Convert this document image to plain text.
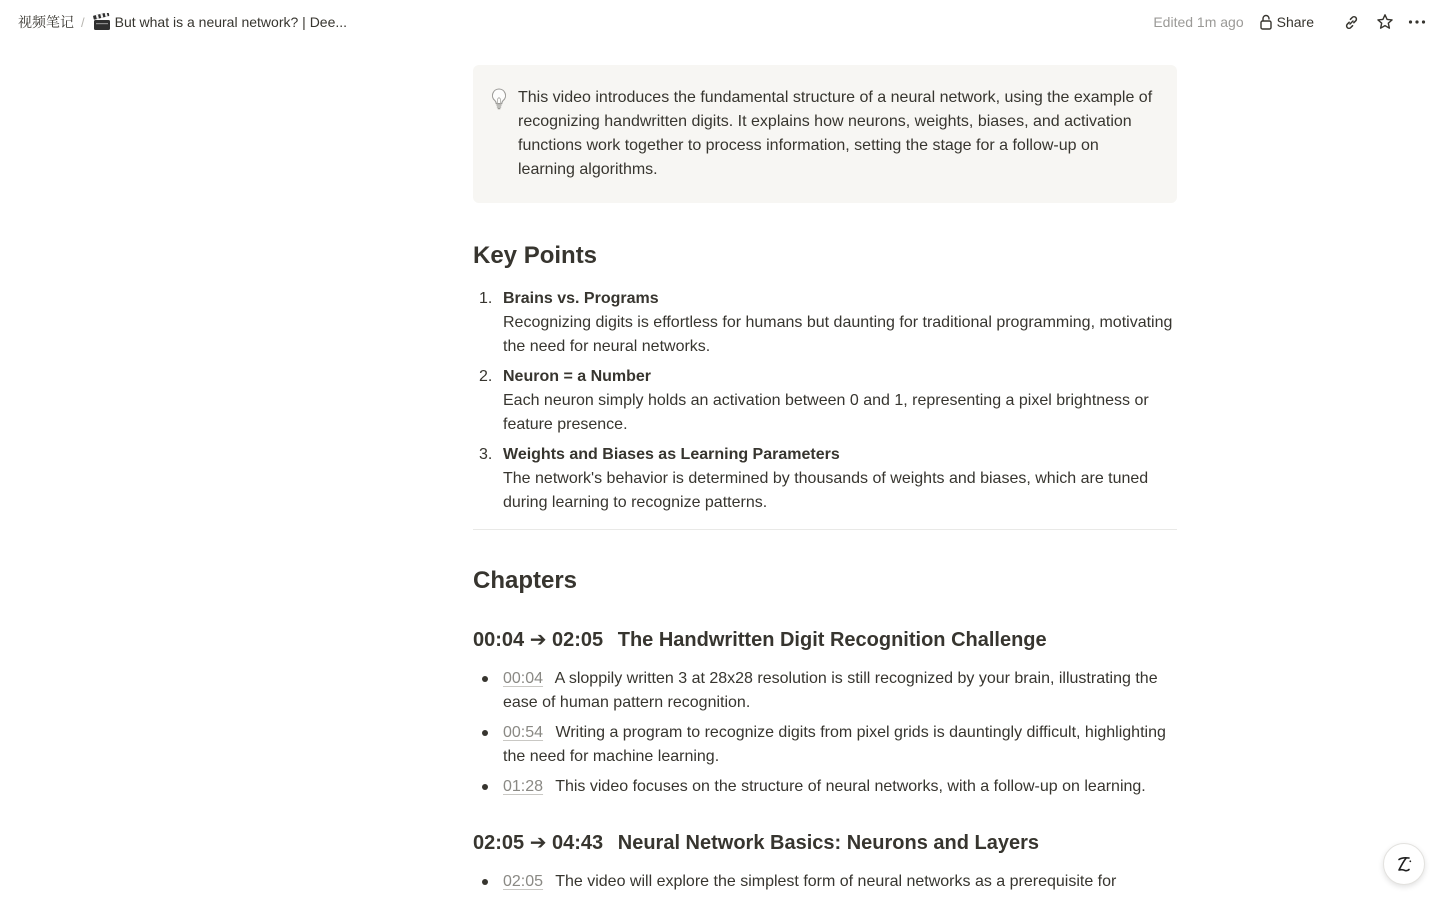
视频笔记 / But what is a neural network? | Dee...	Edited 1m ago Share
This video introduces the fundamental structure of a neural network, using the example of recognizing handwritten digits. It explains how neurons, weights, biases, and activation functions work together to process information, setting the stage for a follow-up on learning algorithms.
Key Points
1. Brains vs. Programs
Recognizing digits is effortless for humans but daunting for traditional programming, motivating the need for neural networks.
2. Neuron = a Number
Each neuron simply holds an activation between 0 and 1, representing a pixel brightness or feature presence.
3. Weights and Biases as Learning Parameters
The network's behavior is determined by thousands of weights and biases, which are tuned during learning to recognize patterns.
Chapters
00:04 ➔ 02:05 The Handwritten Digit Recognition Challenge
00:04 A sloppily written 3 at 28x28 resolution is still recognized by your brain, illustrating the ease of human pattern recognition.
00:54 Writing a program to recognize digits from pixel grids is dauntingly difficult, highlighting the need for machine learning.
01:28 This video focuses on the structure of neural networks, with a follow-up on learning.
02:05 ➔ 04:43 Neural Network Basics: Neurons and Layers
02:05 The video will explore the simplest form of neural networks as a prerequisite for
